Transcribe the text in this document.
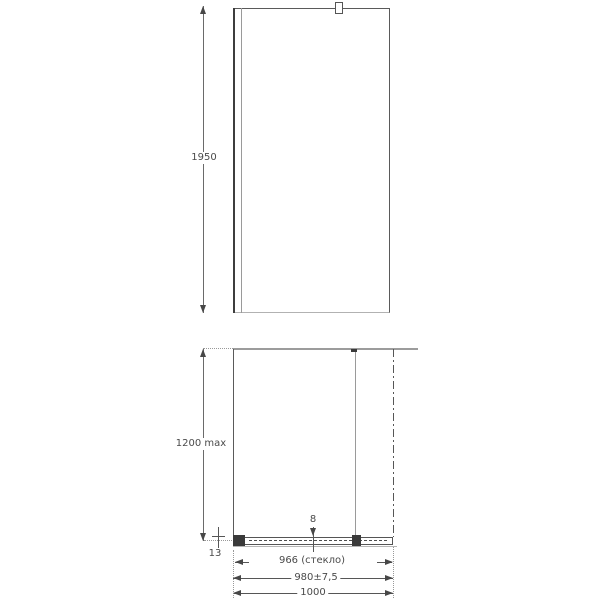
1950
1200 max
13
8
966 (стекло)
980±7,5
1000
